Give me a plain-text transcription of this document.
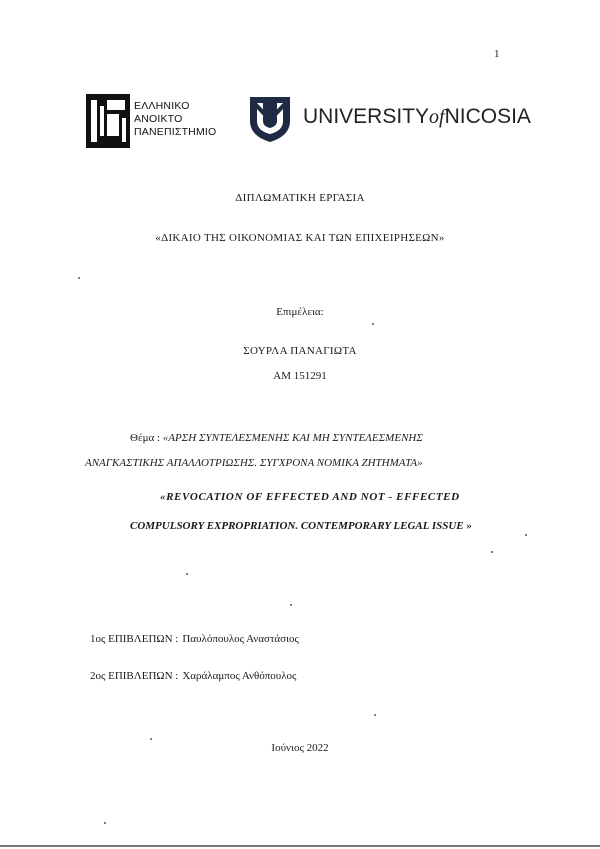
1
ΕΛΛΗΝΙΚΟ
ΑΝΟΙΚΤΟ
ΠΑΝΕΠΙΣΤΗΜΙΟ
UNIVERSITYofNICOSIA
ΔΙΠΛΩΜΑΤΙΚΗ ΕΡΓΑΣΙΑ
«ΔΙΚΑΙΟ ΤΗΣ ΟΙΚΟΝΟΜΙΑΣ ΚΑΙ ΤΩΝ ΕΠΙΧΕΙΡΗΣΕΩΝ»
Επιμέλεια:
ΣΟΥΡΛΑ ΠΑΝΑΓΙΩΤΑ
ΑΜ 151291
Θέμα : «ΑΡΣΗ ΣΥΝΤΕΛΕΣΜΕΝΗΣ ΚΑΙ ΜΗ ΣΥΝΤΕΛΕΣΜΕΝΗΣ
ΑΝΑΓΚΑΣΤΙΚΗΣ ΑΠΑΛΛΟΤΡΙΩΣΗΣ. ΣΥΓΧΡΟΝΑ ΝΟΜΙΚΑ ΖΗΤΗΜΑΤΑ»
«REVOCATION OF EFFECTED AND NOT - EFFECTED
COMPULSORY EXPROPRIATION. CONTEMPORARY LEGAL ISSUE »
1ος ΕΠΙΒΛΕΠΩΝ : Παυλόπουλος Αναστάσιος
2ος ΕΠΙΒΛΕΠΩΝ : Χαράλαμπος Ανθόπουλος
Ιούνιος 2022
